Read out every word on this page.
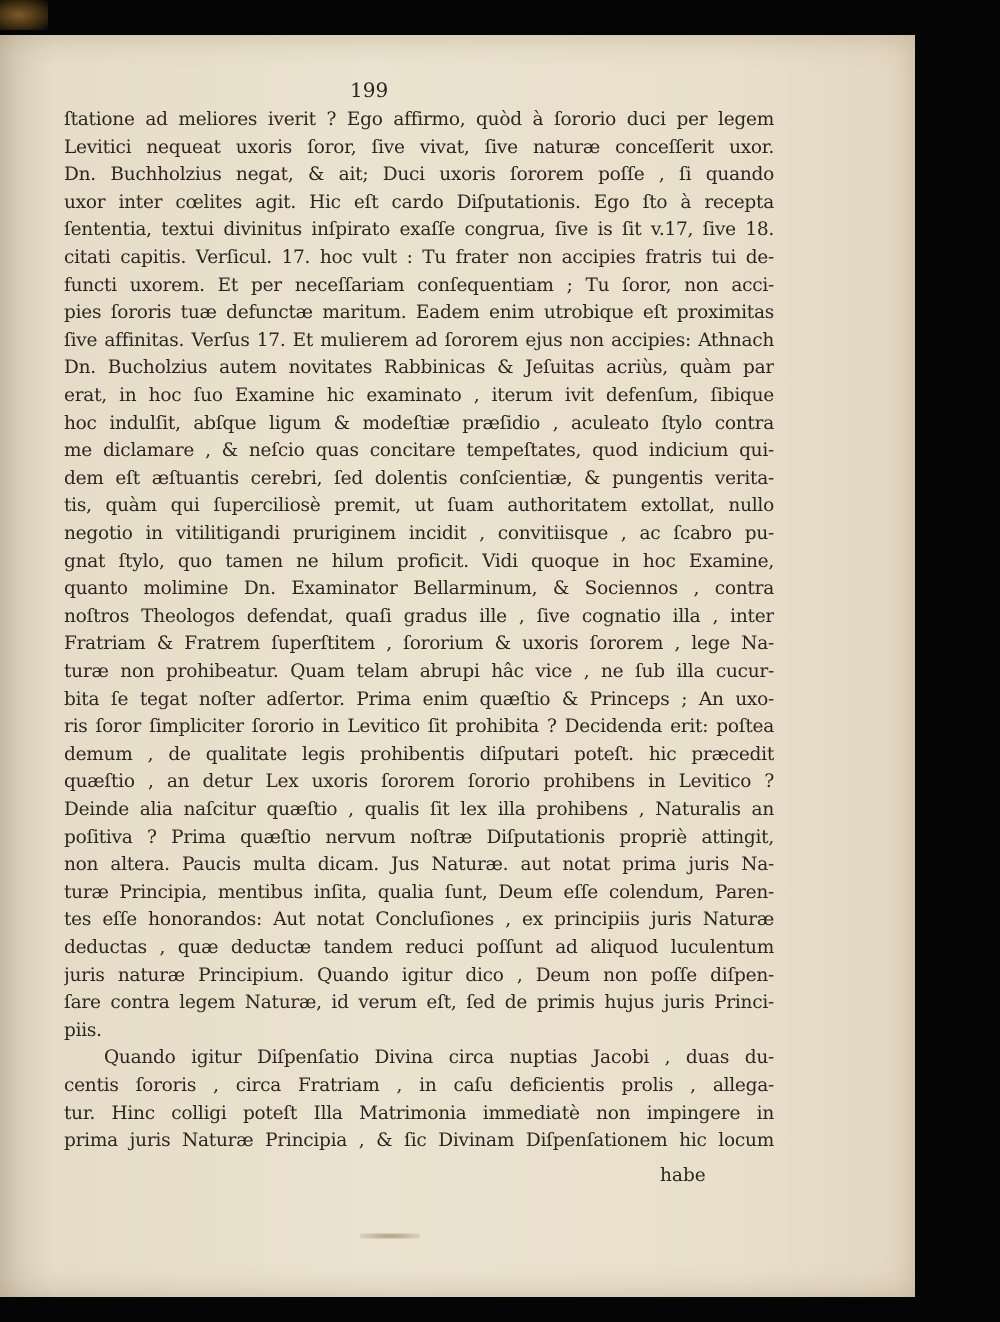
199
ſtatione ad meliores iverit ? Ego affirmo, quòd à ſororio duci per legem
Levitici nequeat uxoris ſoror, ſive vivat, ſive naturæ conceſſerit uxor.
Dn. Buchholzius negat, & ait; Duci uxoris ſororem poſſe , ſi quando
uxor inter cœlites agit. Hic eſt cardo Diſputationis. Ego ſto à recepta
ſententia, textui divinitus inſpirato exaſſe congrua, ſive is ſit v.17, ſive 18.
citati capitis. Verſicul. 17. hoc vult : Tu frater non accipies fratris tui de-
functi uxorem. Et per neceſſariam conſequentiam ; Tu ſoror, non acci-
pies ſororis tuæ defunctæ maritum. Eadem enim utrobique eſt proximitas
ſive affinitas. Verſus 17. Et mulierem ad ſororem ejus non accipies: Athnach
Dn. Bucholzius autem novitates Rabbinicas & Jeſuitas acriùs, quàm par
erat, in hoc ſuo Examine hic examinato , iterum ivit defenſum, ſibique
hoc indulſit, abſque ligum & modeſtiæ præſidio , aculeato ſtylo contra
me diclamare , & neſcio quas concitare tempeſtates, quod indicium qui-
dem eſt æſtuantis cerebri, ſed dolentis conſcientiæ, & pungentis verita-
tis, quàm qui ſuperciliosè premit, ut ſuam authoritatem extollat, nullo
negotio in vitilitigandi pruriginem incidit , convitiisque , ac ſcabro pu-
gnat ſtylo, quo tamen ne hilum proficit. Vidi quoque in hoc Examine,
quanto molimine Dn. Examinator Bellarminum, & Sociennos , contra
noſtros Theologos defendat, quaſi gradus ille , ſive cognatio illa , inter
Fratriam & Fratrem ſuperſtitem , ſororium & uxoris ſororem , lege Na-
turæ non prohibeatur. Quam telam abrupi hâc vice , ne ſub illa cucur-
bita ſe tegat noſter adſertor. Prima enim quæſtio & Princeps ; An uxo-
ris ſoror ſimpliciter ſororio in Levitico ſit prohibita ? Decidenda erit: poſtea
demum , de qualitate legis prohibentis diſputari poteſt. hic præcedit
quæſtio , an detur Lex uxoris ſororem ſororio prohibens in Levitico ?
Deinde alia naſcitur quæſtio , qualis ſit lex illa prohibens , Naturalis an
poſitiva ? Prima quæſtio nervum noſtræ Diſputationis propriè attingit,
non altera. Paucis multa dicam. Jus Naturæ. aut notat prima juris Na-
turæ Principia, mentibus inſita, qualia ſunt, Deum eſſe colendum, Paren-
tes eſſe honorandos: Aut notat Concluſiones , ex principiis juris Naturæ
deductas , quæ deductæ tandem reduci poſſunt ad aliquod luculentum
juris naturæ Principium. Quando igitur dico , Deum non poſſe diſpen-
ſare contra legem Naturæ, id verum eſt, ſed de primis hujus juris Princi-
piis.
Quando igitur Diſpenſatio Divina circa nuptias Jacobi , duas du-
centis ſororis , circa Fratriam , in caſu deficientis prolis , allega-
tur. Hinc colligi poteſt Illa Matrimonia immediatè non impingere in
prima juris Naturæ Principia , & ſic Divinam Diſpenſationem hic locum
habe
